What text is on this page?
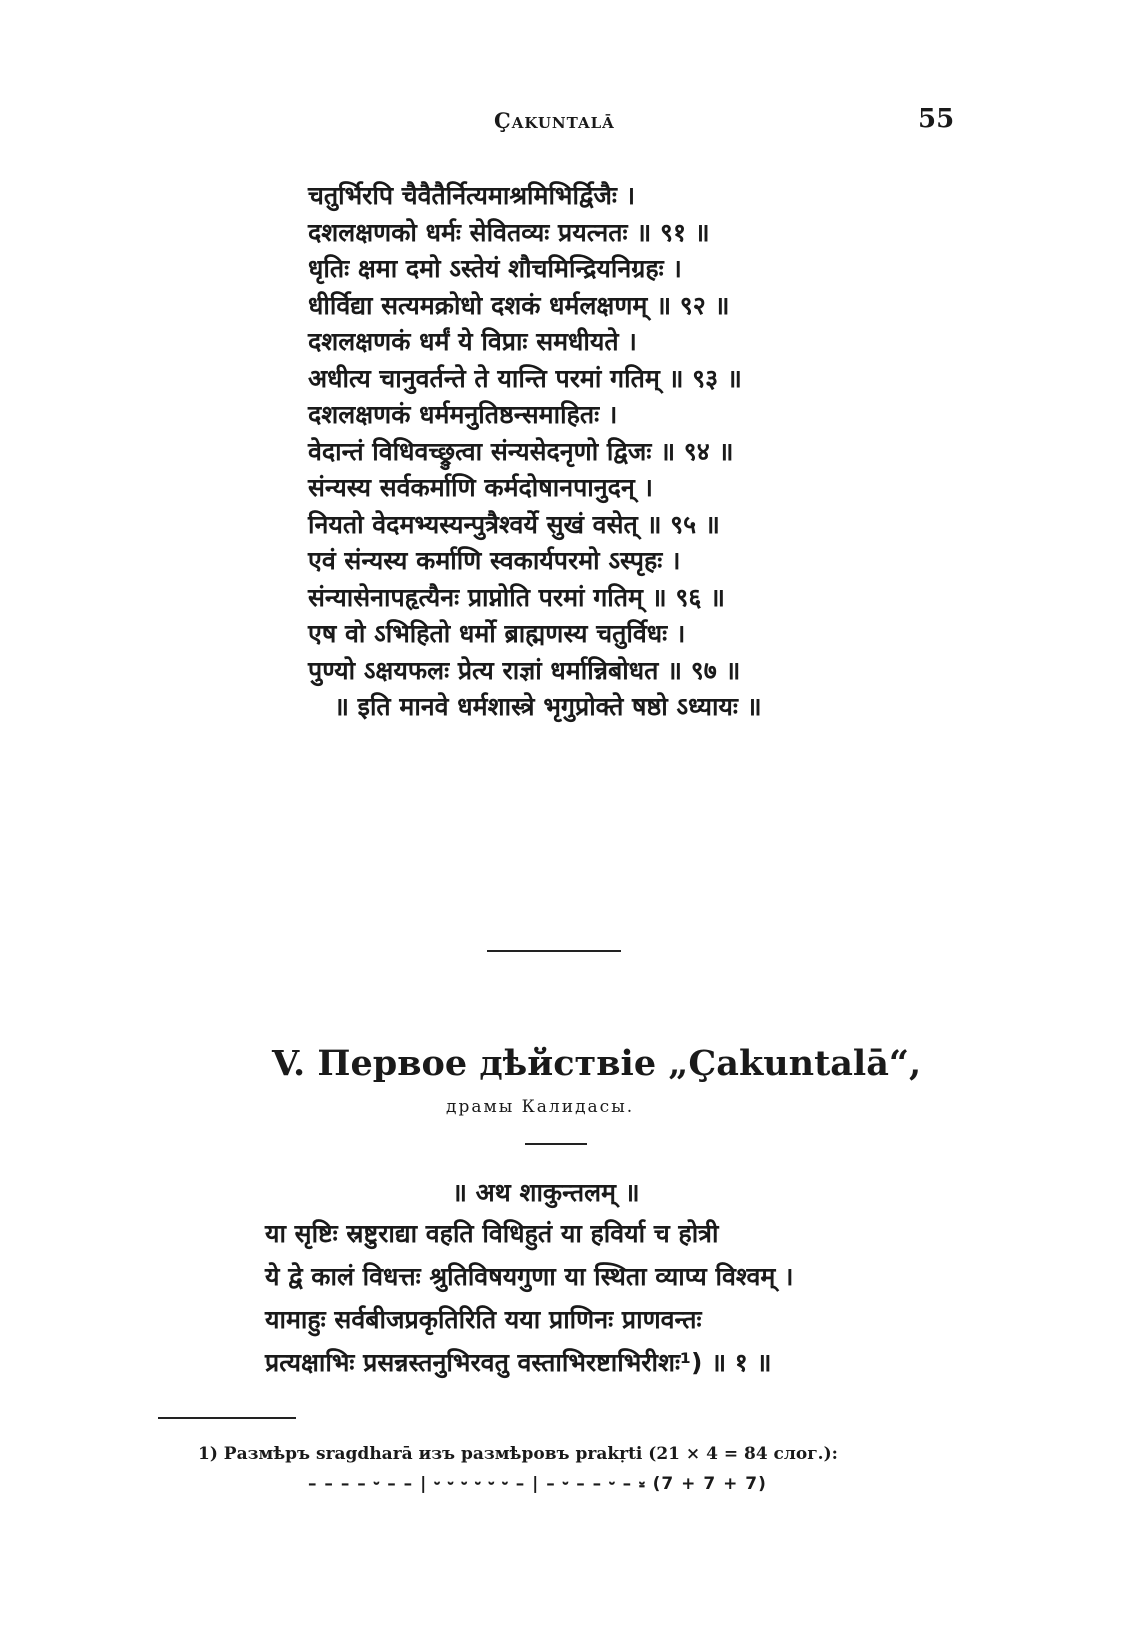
Çakuntalā	55
चतुर्भिरपि चैवैतैर्नित्यमाश्रमिभिर्द्विजैः ।
दशलक्षणको धर्मः सेवितव्यः प्रयत्नतः ॥ ९१ ॥
धृतिः क्षमा दमो ऽस्तेयं शौचमिन्द्रियनिग्रहः ।
धीर्विद्या सत्यमक्रोधो दशकं धर्मलक्षणम् ॥ ९२ ॥
दशलक्षणकं धर्मं ये विप्राः समधीयते ।
अधीत्य चानुवर्तन्ते ते यान्ति परमां गतिम् ॥ ९३ ॥
दशलक्षणकं धर्ममनुतिष्ठन्समाहितः ।
वेदान्तं विधिवच्छ्रुत्वा संन्यसेदनृणो द्विजः ॥ ९४ ॥
संन्यस्य सर्वकर्माणि कर्मदोषानपानुदन् ।
नियतो वेदमभ्यस्यन्पुत्रैश्वर्ये सुखं वसेत् ॥ ९५ ॥
एवं संन्यस्य कर्माणि स्वकार्यपरमो ऽस्पृहः ।
संन्यासेनापहृत्यैनः प्राप्नोति परमां गतिम् ॥ ९६ ॥
एष वो ऽभिहितो धर्मो ब्राह्मणस्य चतुर्विधः ।
पुण्यो ऽक्षयफलः प्रेत्य राज्ञां धर्मान्निबोधत ॥ ९७ ॥
॥ इति मानवे धर्मशास्त्रे भृगुप्रोक्ते षष्ठो ऽध्यायः ॥
V. Первое дѣйствіе „Çakuntalā“,
драмы Калидасы.
॥ अथ शाकुन्तलम् ॥
या सृष्टिः स्रष्टुराद्या वहति विधिहुतं या हविर्या च होत्री
ये द्वे कालं विधत्तः श्रुतिविषयगुणा या स्थिता व्याप्य विश्वम् ।
यामाहुः सर्वबीजप्रकृतिरिति यया प्राणिनः प्राणवन्तः
प्रत्यक्षाभिः प्रसन्नस्तनुभिरवतु वस्ताभिरष्टाभिरीशः¹) ॥ १ ॥
1) Размѣръ sragdharā изъ размѣровъ prakṛti (21 × 4 = 84 слог.):
– – – – ⏑ – – | ⏑ ⏑ ⏑ ⏑ ⏑ ⏑ – | – ⏑ – – ⏑ – ⏓ (7 + 7 + 7)
